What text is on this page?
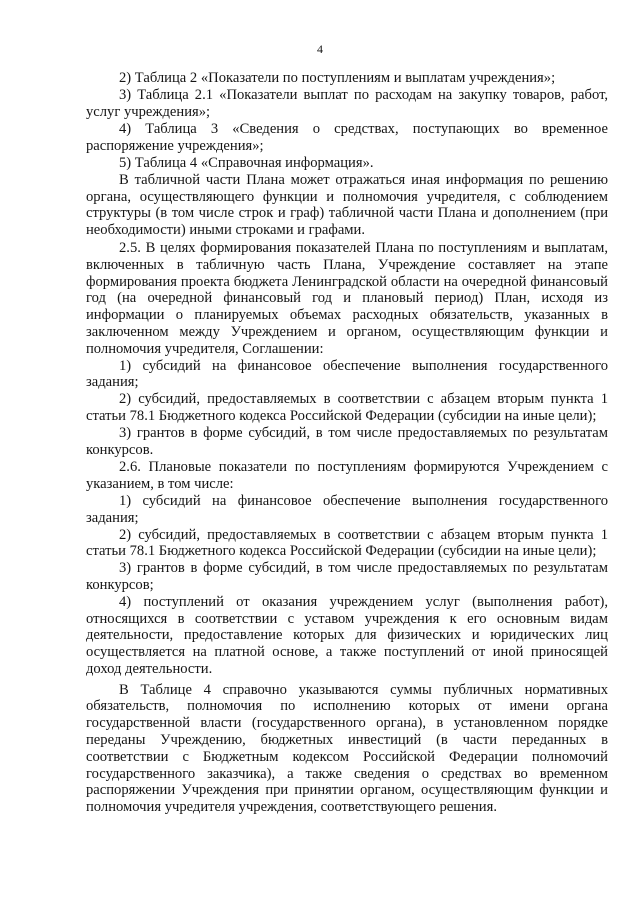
4

2) Таблица 2 «Показатели по поступлениям и выплатам учреждения»;

3) Таблица 2.1 «Показатели выплат по расходам на закупку товаров, работ, услуг учреждения»;

4) Таблица 3 «Сведения о средствах, поступающих во временное распоряжение учреждения»;

5) Таблица 4 «Справочная информация».

В табличной части Плана может отражаться иная информация по решению органа, осуществляющего функции и полномочия учредителя, с соблюдением структуры (в том числе строк и граф) табличной части Плана и дополнением (при необходимости) иными строками и графами.

2.5. В целях формирования показателей Плана по поступлениям и выплатам, включенных в табличную часть Плана, Учреждение составляет на этапе формирования проекта бюджета Ленинградской области на очередной финансовый год (на очередной финансовый год и плановый период) План, исходя из информации о планируемых объемах расходных обязательств, указанных в заключенном между Учреждением и органом, осуществляющим функции и полномочия учредителя, Соглашении:

1) субсидий на финансовое обеспечение выполнения государственного задания;

2) субсидий, предоставляемых в соответствии с абзацем вторым пункта 1 статьи 78.1 Бюджетного кодекса Российской Федерации (субсидии на иные цели);

3) грантов в форме субсидий, в том числе предоставляемых по результатам конкурсов.

2.6. Плановые показатели по поступлениям формируются Учреждением с указанием, в том числе:

1) субсидий на финансовое обеспечение выполнения государственного задания;

2) субсидий, предоставляемых в соответствии с абзацем вторым пункта 1 статьи 78.1 Бюджетного кодекса Российской Федерации (субсидии на иные цели);

3) грантов в форме субсидий, в том числе предоставляемых по результатам конкурсов;

4) поступлений от оказания учреждением услуг (выполнения работ), относящихся в соответствии с уставом учреждения к его основным видам деятельности, предоставление которых для физических и юридических лиц осуществляется на платной основе, а также поступлений от иной приносящей доход деятельности.

В Таблице 4 справочно указываются суммы публичных нормативных обязательств, полномочия по исполнению которых от имени органа государственной власти (государственного органа), в установленном порядке переданы Учреждению, бюджетных инвестиций (в части переданных в соответствии с Бюджетным кодексом Российской Федерации полномочий государственного заказчика), а также сведения о средствах во временном распоряжении Учреждения при принятии органом, осуществляющим функции и полномочия учредителя учреждения, соответствующего решения.
